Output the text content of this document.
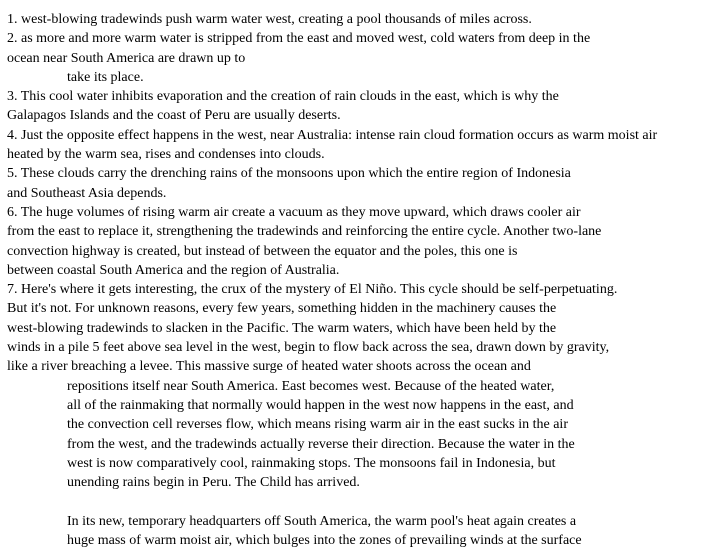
1. west-blowing tradewinds push warm water west, creating a pool thousands of miles across.
2. as more and more warm water is stripped from the east and moved west, cold waters from deep in the
ocean near South America are drawn up to
take its place.
3. This cool water inhibits evaporation and the creation of rain clouds in the east, which is why the
Galapagos Islands and the coast of Peru are usually deserts.
4. Just the opposite effect happens in the west, near Australia: intense rain cloud formation occurs as warm moist air
heated by the warm sea, rises and condenses into clouds.
5. These clouds carry the drenching rains of the monsoons upon which the entire region of Indonesia
and Southeast Asia depends.
6. The huge volumes of rising warm air create a vacuum as they move upward, which draws cooler air
from the east to replace it, strengthening the tradewinds and reinforcing the entire cycle. Another two-lane
convection highway is created, but instead of between the equator and the poles, this one is
between coastal South America and the region of Australia.
7. Here's where it gets interesting, the crux of the mystery of El Niño. This cycle should be self-perpetuating.
But it's not. For unknown reasons, every few years, something hidden in the machinery causes the
west-blowing tradewinds to slacken in the Pacific. The warm waters, which have been held by the
winds in a pile 5 feet above sea level in the west, begin to flow back across the sea, drawn down by gravity,
like a river breaching a levee. This massive surge of heated water shoots across the ocean and
repositions itself near South America. East becomes west. Because of the heated water,
all of the rainmaking that normally would happen in the west now happens in the east, and
the convection cell reverses flow, which means rising warm air in the east sucks in the air
from the west, and the tradewinds actually reverse their direction. Because the water in the
west is now comparatively cool, rainmaking stops. The monsoons fail in Indonesia, but
unending rains begin in Peru. The Child has arrived.
In its new, temporary headquarters off South America, the warm pool's heat again creates a
huge mass of warm moist air, which bulges into the zones of prevailing winds at the surface
